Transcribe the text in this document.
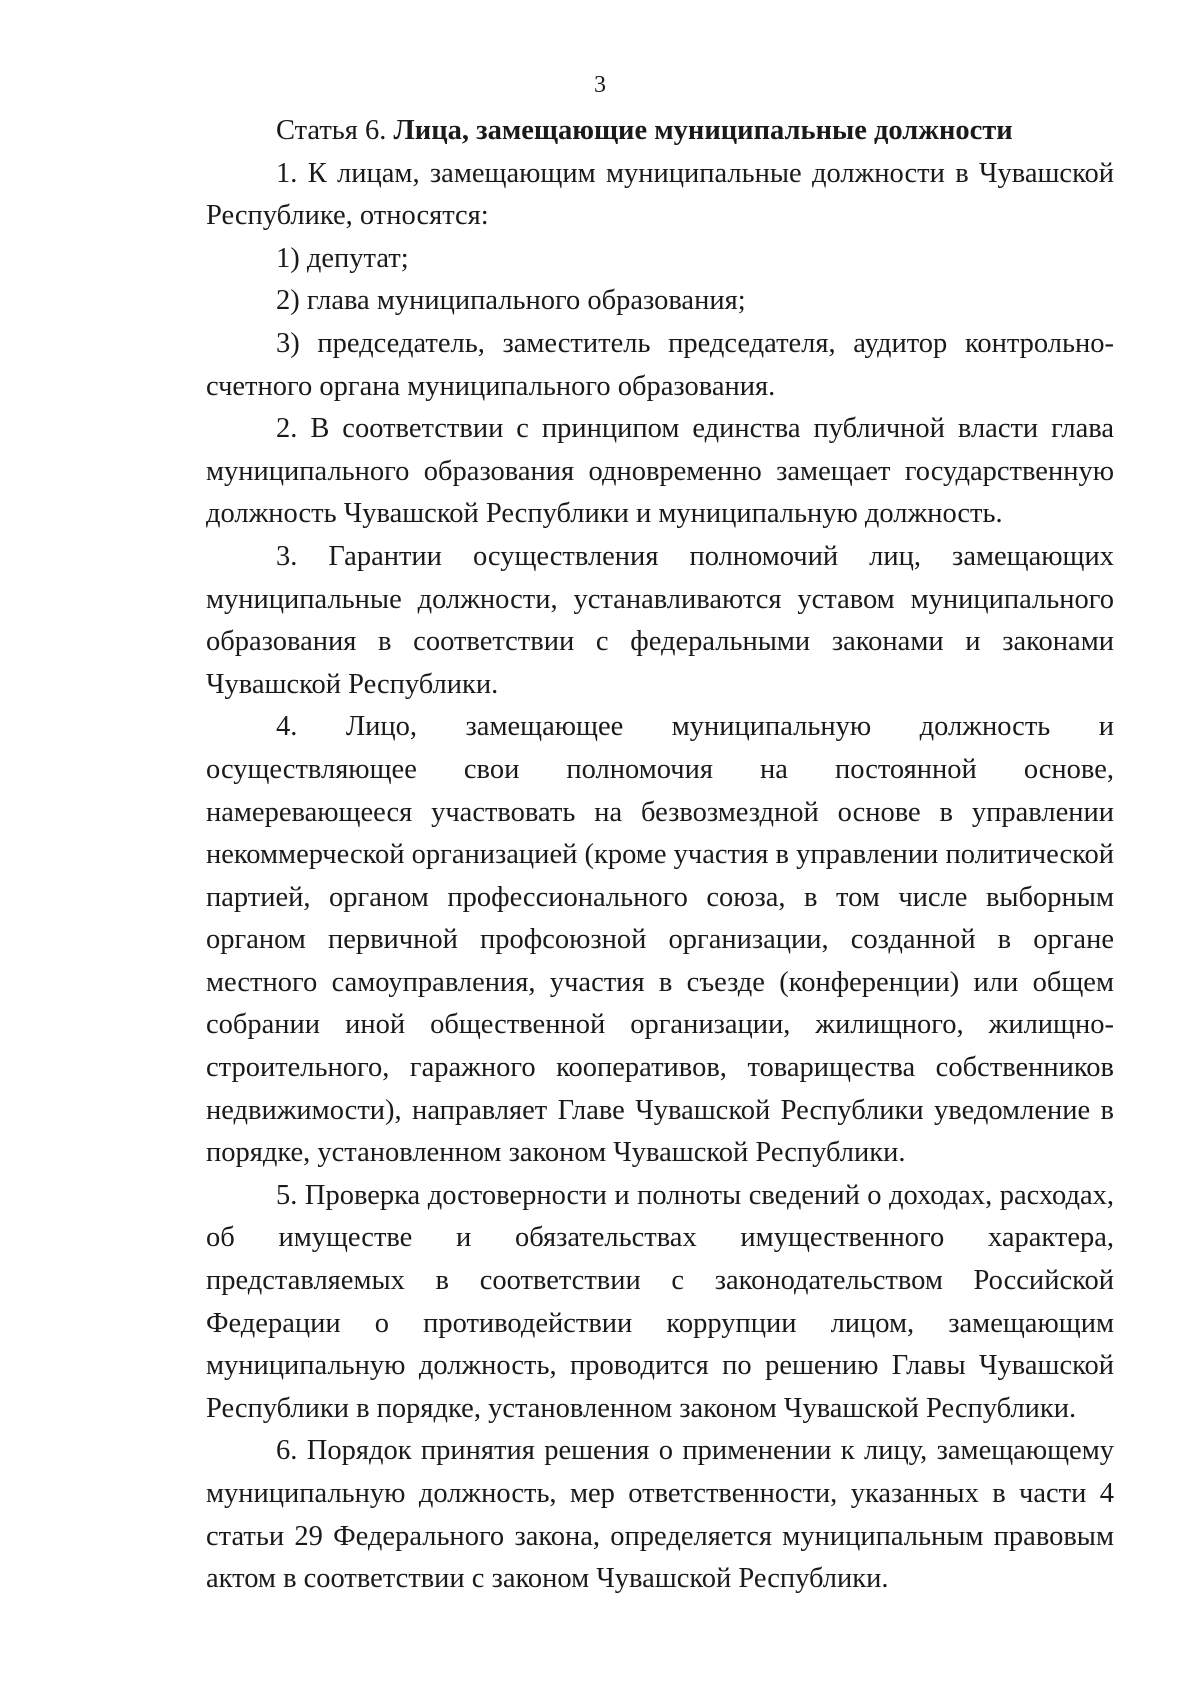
3

Статья 6. Лица, замещающие муниципальные должности

1. К лицам, замещающим муниципальные должности в Чувашской Республике, относятся:

1) депутат;

2) глава муниципального образования;

3) председатель, заместитель председателя, аудитор контрольно-счетного органа муниципального образования.

2. В соответствии с принципом единства публичной власти глава муниципального образования одновременно замещает государственную должность Чувашской Республики и муниципальную должность.

3. Гарантии осуществления полномочий лиц, замещающих муниципальные должности, устанавливаются уставом муниципального образования в соответствии с федеральными законами и законами Чувашской Республики.

4. Лицо, замещающее муниципальную должность и осуществляющее свои полномочия на постоянной основе, намеревающееся участвовать на безвозмездной основе в управлении некоммерческой организацией (кроме участия в управлении политической партией, органом профессионального союза, в том числе выборным органом первичной профсоюзной организации, созданной в органе местного самоуправления, участия в съезде (конференции) или общем собрании иной общественной организации, жилищного, жилищно-строительного, гаражного кооперативов, товарищества собственников недвижимости), направляет Главе Чувашской Республики уведомление в порядке, установленном законом Чувашской Республики.

5. Проверка достоверности и полноты сведений о доходах, расходах, об имуществе и обязательствах имущественного характера, представляемых в соответствии с законодательством Российской Федерации о противодействии коррупции лицом, замещающим муниципальную должность, проводится по решению Главы Чувашской Республики в порядке, установленном законом Чувашской Республики.

6. Порядок принятия решения о применении к лицу, замещающему муниципальную должность, мер ответственности, указанных в части 4 статьи 29 Федерального закона, определяется муниципальным правовым актом в соответствии с законом Чувашской Республики.
